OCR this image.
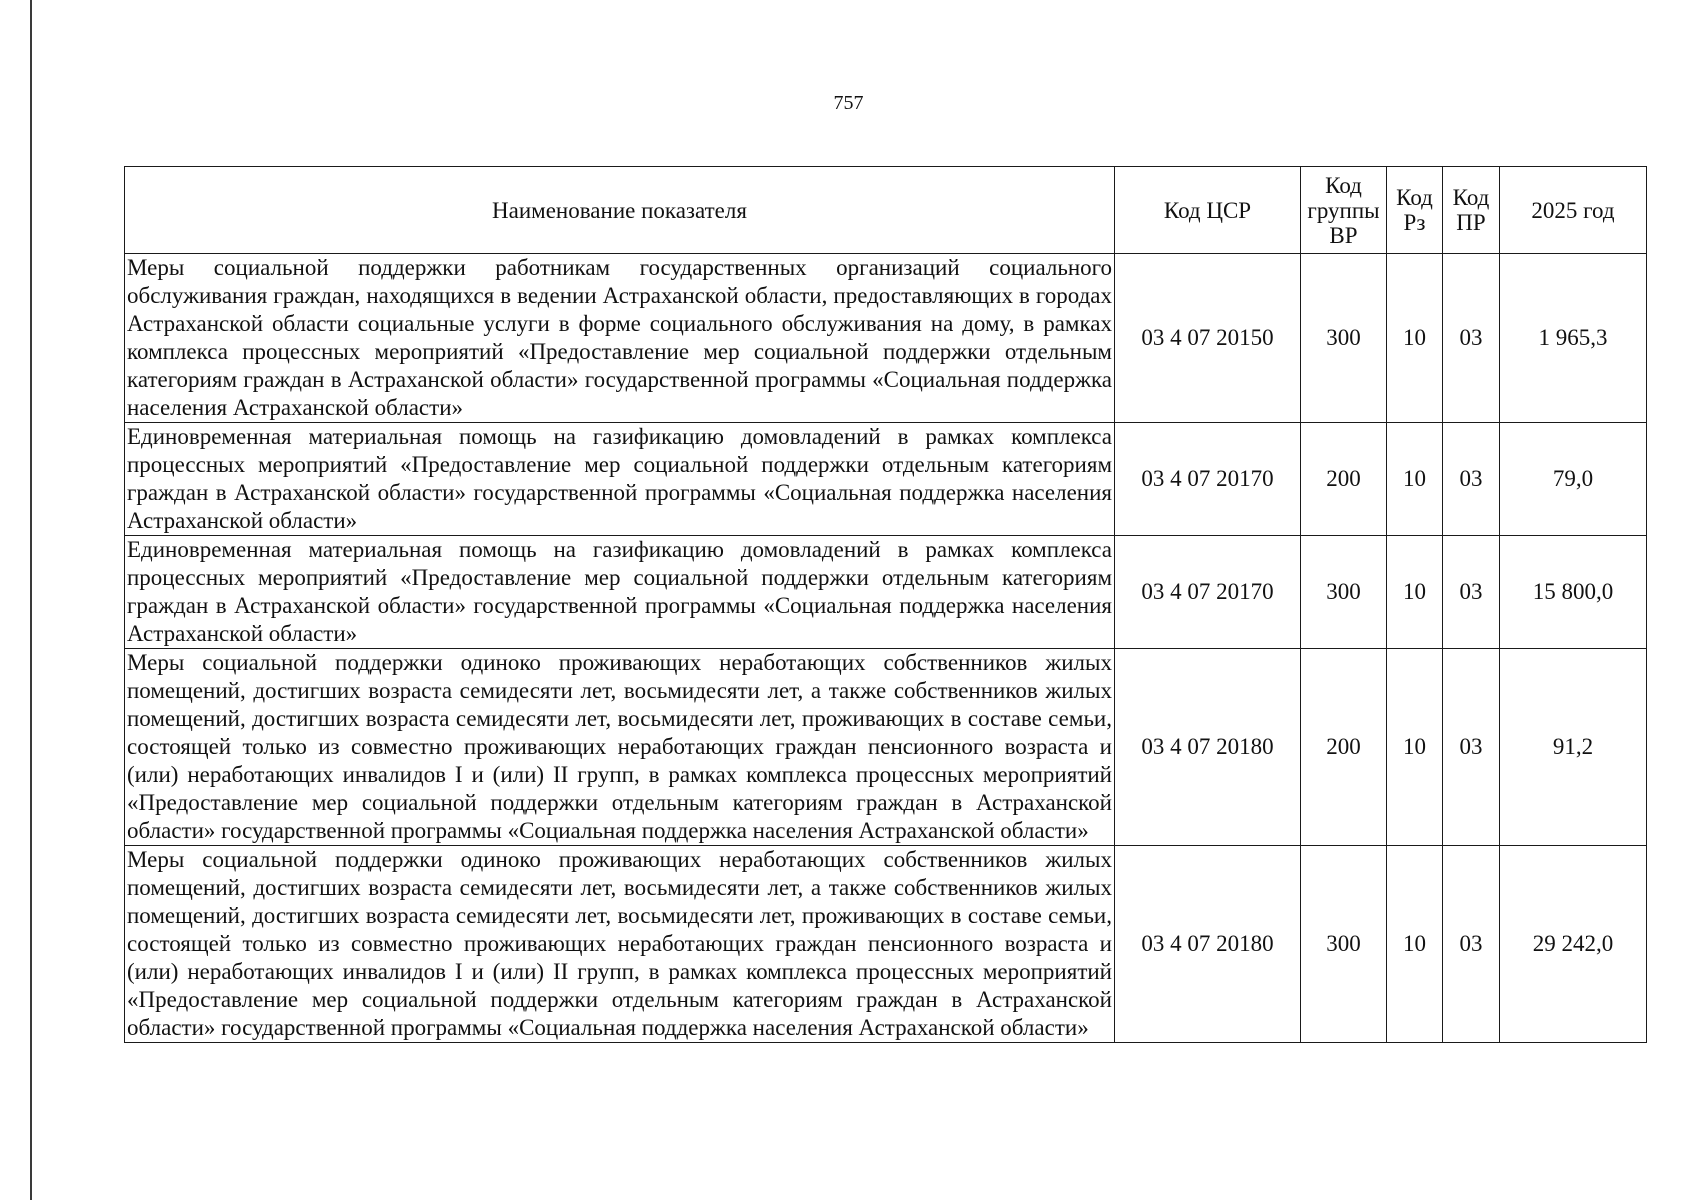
757
Наименование показателя	Код ЦСР	Код группы ВР	Код Рз	Код ПР	2025 год
Меры социальной поддержки работникам государственных организаций социального обслуживания граждан, находящихся в ведении Астраханской области, предоставляющих в городах Астраханской области социальные услуги в форме социального обслуживания на дому, в рамках комплекса процессных мероприятий «Предоставление мер социальной поддержки отдельным категориям граждан в Астраханской области» государственной программы «Социальная поддержка населения Астраханской области»	03 4 07 20150	300	10	03	1 965,3
Единовременная материальная помощь на газификацию домовладений в рамках комплекса процессных мероприятий «Предоставление мер социальной поддержки отдельным категориям граждан в Астраханской области» государственной программы «Социальная поддержка населения Астраханской области»	03 4 07 20170	200	10	03	79,0
Единовременная материальная помощь на газификацию домовладений в рамках комплекса процессных мероприятий «Предоставление мер социальной поддержки отдельным категориям граждан в Астраханской области» государственной программы «Социальная поддержка населения Астраханской области»	03 4 07 20170	300	10	03	15 800,0
Меры социальной поддержки одиноко проживающих неработающих собственников жилых помещений, достигших возраста семидесяти лет, восьмидесяти лет, а также собственников жилых помещений, достигших возраста семидесяти лет, восьмидесяти лет, проживающих в составе семьи, состоящей только из совместно проживающих неработающих граждан пенсионного возраста и (или) неработающих инвалидов I и (или) II групп, в рамках комплекса процессных мероприятий «Предоставление мер социальной поддержки отдельным категориям граждан в Астраханской области» государственной программы «Социальная поддержка населения Астраханской области»	03 4 07 20180	200	10	03	91,2
Меры социальной поддержки одиноко проживающих неработающих собственников жилых помещений, достигших возраста семидесяти лет, восьмидесяти лет, а также собственников жилых помещений, достигших возраста семидесяти лет, восьмидесяти лет, проживающих в составе семьи, состоящей только из совместно проживающих неработающих граждан пенсионного возраста и (или) неработающих инвалидов I и (или) II групп, в рамках комплекса процессных мероприятий «Предоставление мер социальной поддержки отдельным категориям граждан в Астраханской области» государственной программы «Социальная поддержка населения Астраханской области»	03 4 07 20180	300	10	03	29 242,0
